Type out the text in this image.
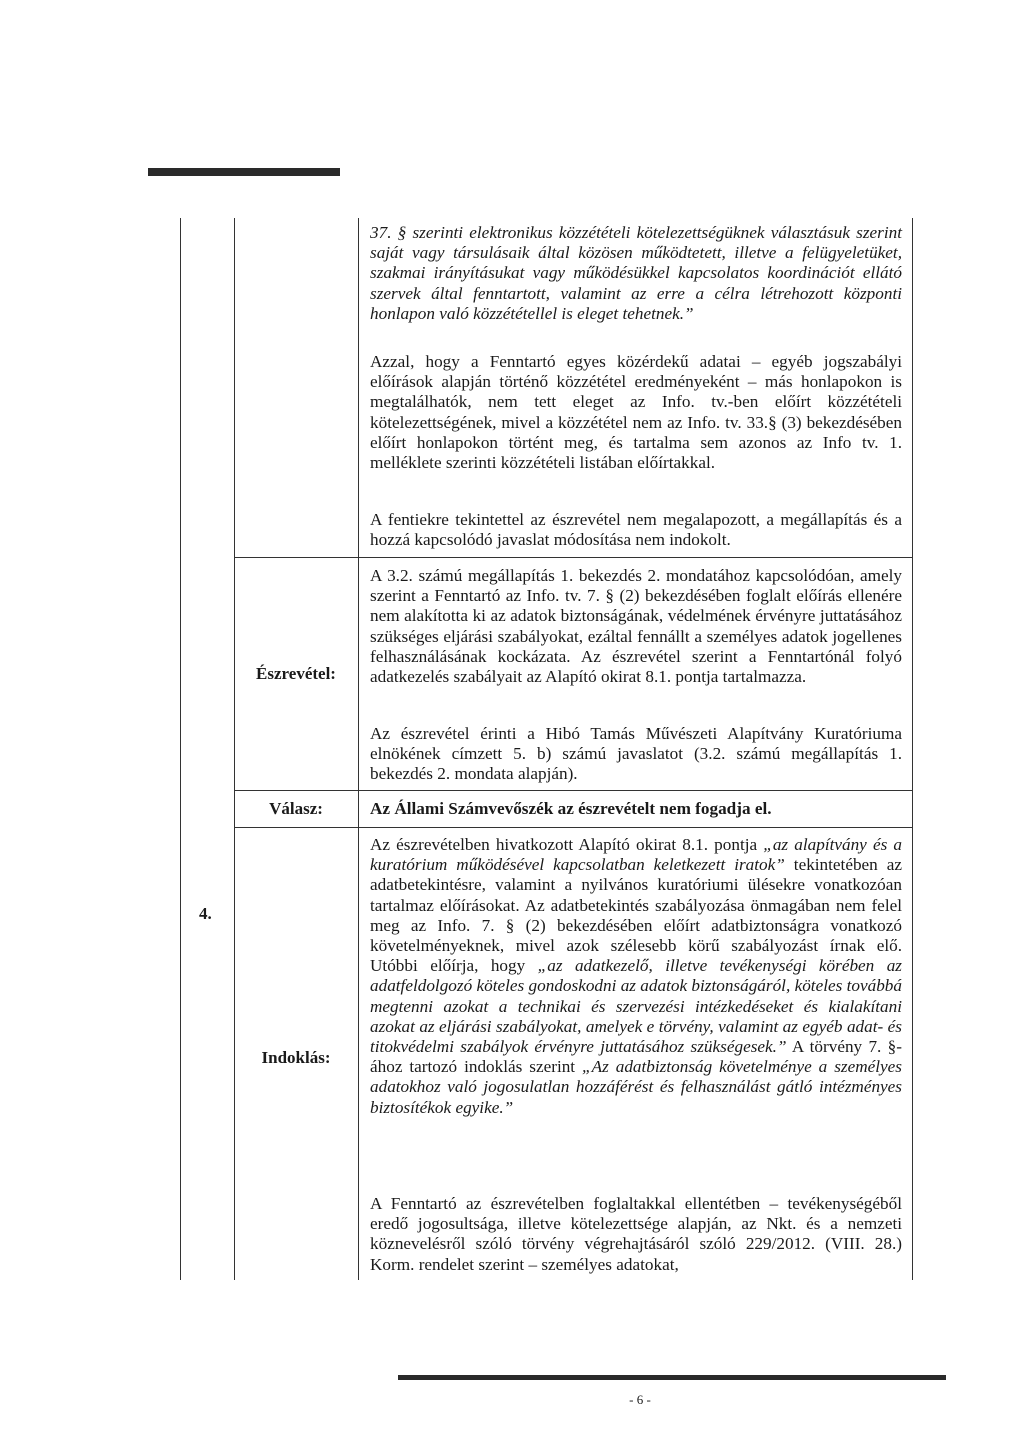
4.
Észrevétel:
Válasz:
Indoklás:
37. § szerinti elektronikus közzétételi kötelezettségüknek választásuk szerint saját vagy társulásaik által közösen működtetett, illetve a felügyeletüket, szakmai irányításukat vagy működésükkel kapcsolatos koordinációt ellátó szervek által fenntartott, valamint az erre a célra létrehozott központi honlapon való közzététellel is eleget tehetnek.”
Azzal, hogy a Fenntartó egyes közérdekű adatai – egyéb jogszabályi előírások alapján történő közzététel eredményeként – más honlapokon is megtalálhatók, nem tett eleget az Info. tv.-ben előírt közzétételi kötelezettségének, mivel a közzététel nem az Info. tv. 33.§ (3) bekezdésében előírt honlapokon történt meg, és tartalma sem azonos az Info tv. 1. melléklete szerinti közzétételi listában előírtakkal.
A fentiekre tekintettel az észrevétel nem megalapozott, a megállapítás és a hozzá kapcsolódó javaslat módosítása nem indokolt.
A 3.2. számú megállapítás 1. bekezdés 2. mondatához kapcsolódóan, amely szerint a Fenntartó az Info. tv. 7. § (2) bekezdésében foglalt előírás ellenére nem alakította ki az adatok biztonságának, védelmének érvényre juttatásához szükséges eljárási szabályokat, ezáltal fennállt a személyes adatok jogellenes felhasználásának kockázata. Az észrevétel szerint a Fenntartónál folyó adatkezelés szabályait az Alapító okirat 8.1. pontja tartalmazza.
Az észrevétel érinti a Hibó Tamás Művészeti Alapítvány Kuratóriuma elnökének címzett 5. b) számú javaslatot (3.2. számú megállapítás 1. bekezdés 2. mondata alapján).
Az Állami Számvevőszék az észrevételt nem fogadja el.
Az észrevételben hivatkozott Alapító okirat 8.1. pontja „az alapítvány és a kuratórium működésével kapcsolatban keletkezett iratok” tekintetében az adatbetekintésre, valamint a nyilvános kuratóriumi ülésekre vonatkozóan tartalmaz előírásokat. Az adatbetekintés szabályozása önmagában nem felel meg az Info. 7. § (2) bekezdésében előírt adatbiztonságra vonatkozó követelményeknek, mivel azok szélesebb körű szabályozást írnak elő. Utóbbi előírja, hogy „az adatkezelő, illetve tevékenységi körében az adatfeldolgozó köteles gondoskodni az adatok biztonságáról, köteles továbbá megtenni azokat a technikai és szervezési intézkedéseket és kialakítani azokat az eljárási szabályokat, amelyek e törvény, valamint az egyéb adat- és titokvédelmi szabályok érvényre juttatásához szükségesek.” A törvény 7. §-ához tartozó indoklás szerint „Az adatbiztonság követelménye a személyes adatokhoz való jogosulatlan hozzáférést és felhasználást gátló intézményes biztosítékok egyike.”
A Fenntartó az észrevételben foglaltakkal ellentétben – tevékenységéből eredő jogosultsága, illetve kötelezettsége alapján, az Nkt. és a nemzeti köznevelésről szóló törvény végrehajtásáról szóló 229/2012. (VIII. 28.) Korm. rendelet szerint – személyes adatokat,
- 6 -
